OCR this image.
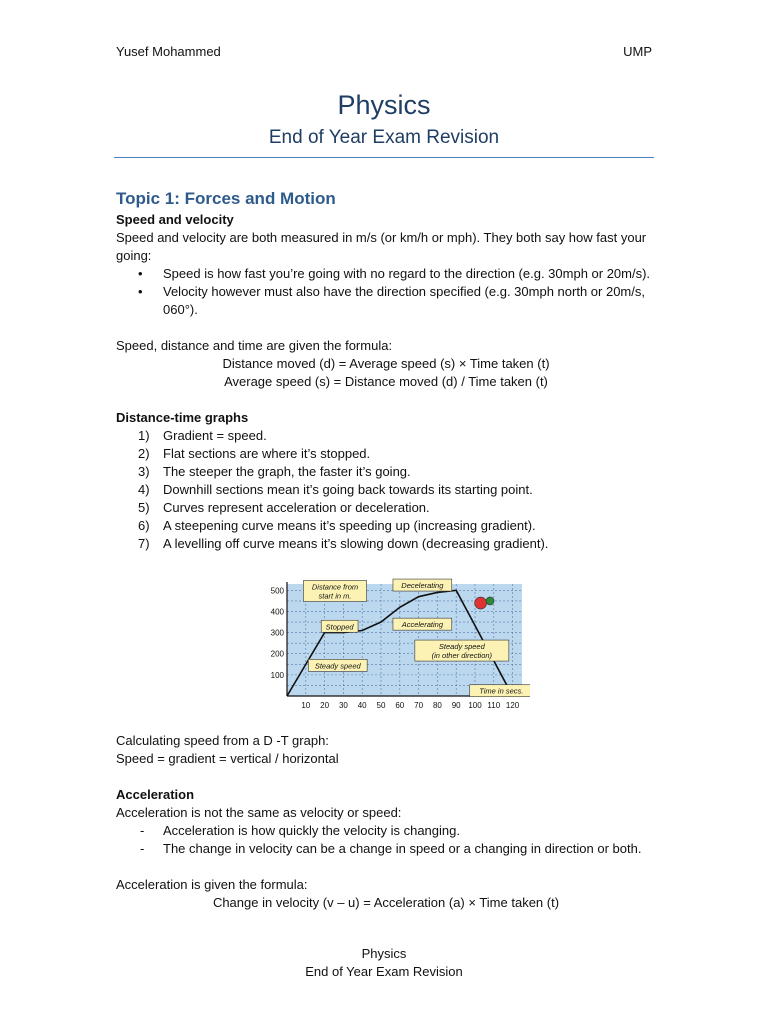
Yusef Mohammed	UMP
Physics
End of Year Exam Revision
Topic 1: Forces and Motion
Speed and velocity

Speed and velocity are both measured in m/s (or km/h or mph). They both say how fast your going:

• Speed is how fast you’re going with no regard to the direction (e.g. 30mph or 20m/s).
• Velocity however must also have the direction specified (e.g. 30mph north or 20m/s, 060°).
Speed, distance and time are given the formula:
Distance moved (d) = Average speed (s) × Time taken (t)
Average speed (s) = Distance moved (d) / Time taken (t)
Distance-time graphs
1) Gradient = speed.
2) Flat sections are where it’s stopped.
3) The steeper the graph, the faster it’s going.
4) Downhill sections mean it’s going back towards its starting point.
5) Curves represent acceleration or deceleration.
6) A steepening curve means it’s speeding up (increasing gradient).
7) A levelling off curve means it’s slowing down (decreasing gradient).
10 20 30 40 50 60 70 80 90 100 110 120
100
200
300
400
500	Distance from
start in m.
Stopped
Steady speed
Accelerating
Decelerating
Steady speed
(in other direction)
Time in secs.
Calculating speed from a D -T graph:
Speed = gradient = vertical / horizontal
Acceleration
Acceleration is not the same as velocity or speed:
- Acceleration is how quickly the velocity is changing.
- The change in velocity can be a change in speed or a changing in direction or both.
Acceleration is given the formula:
Change in velocity (v – u) = Acceleration (a) × Time taken (t)
Physics
End of Year Exam Revision
